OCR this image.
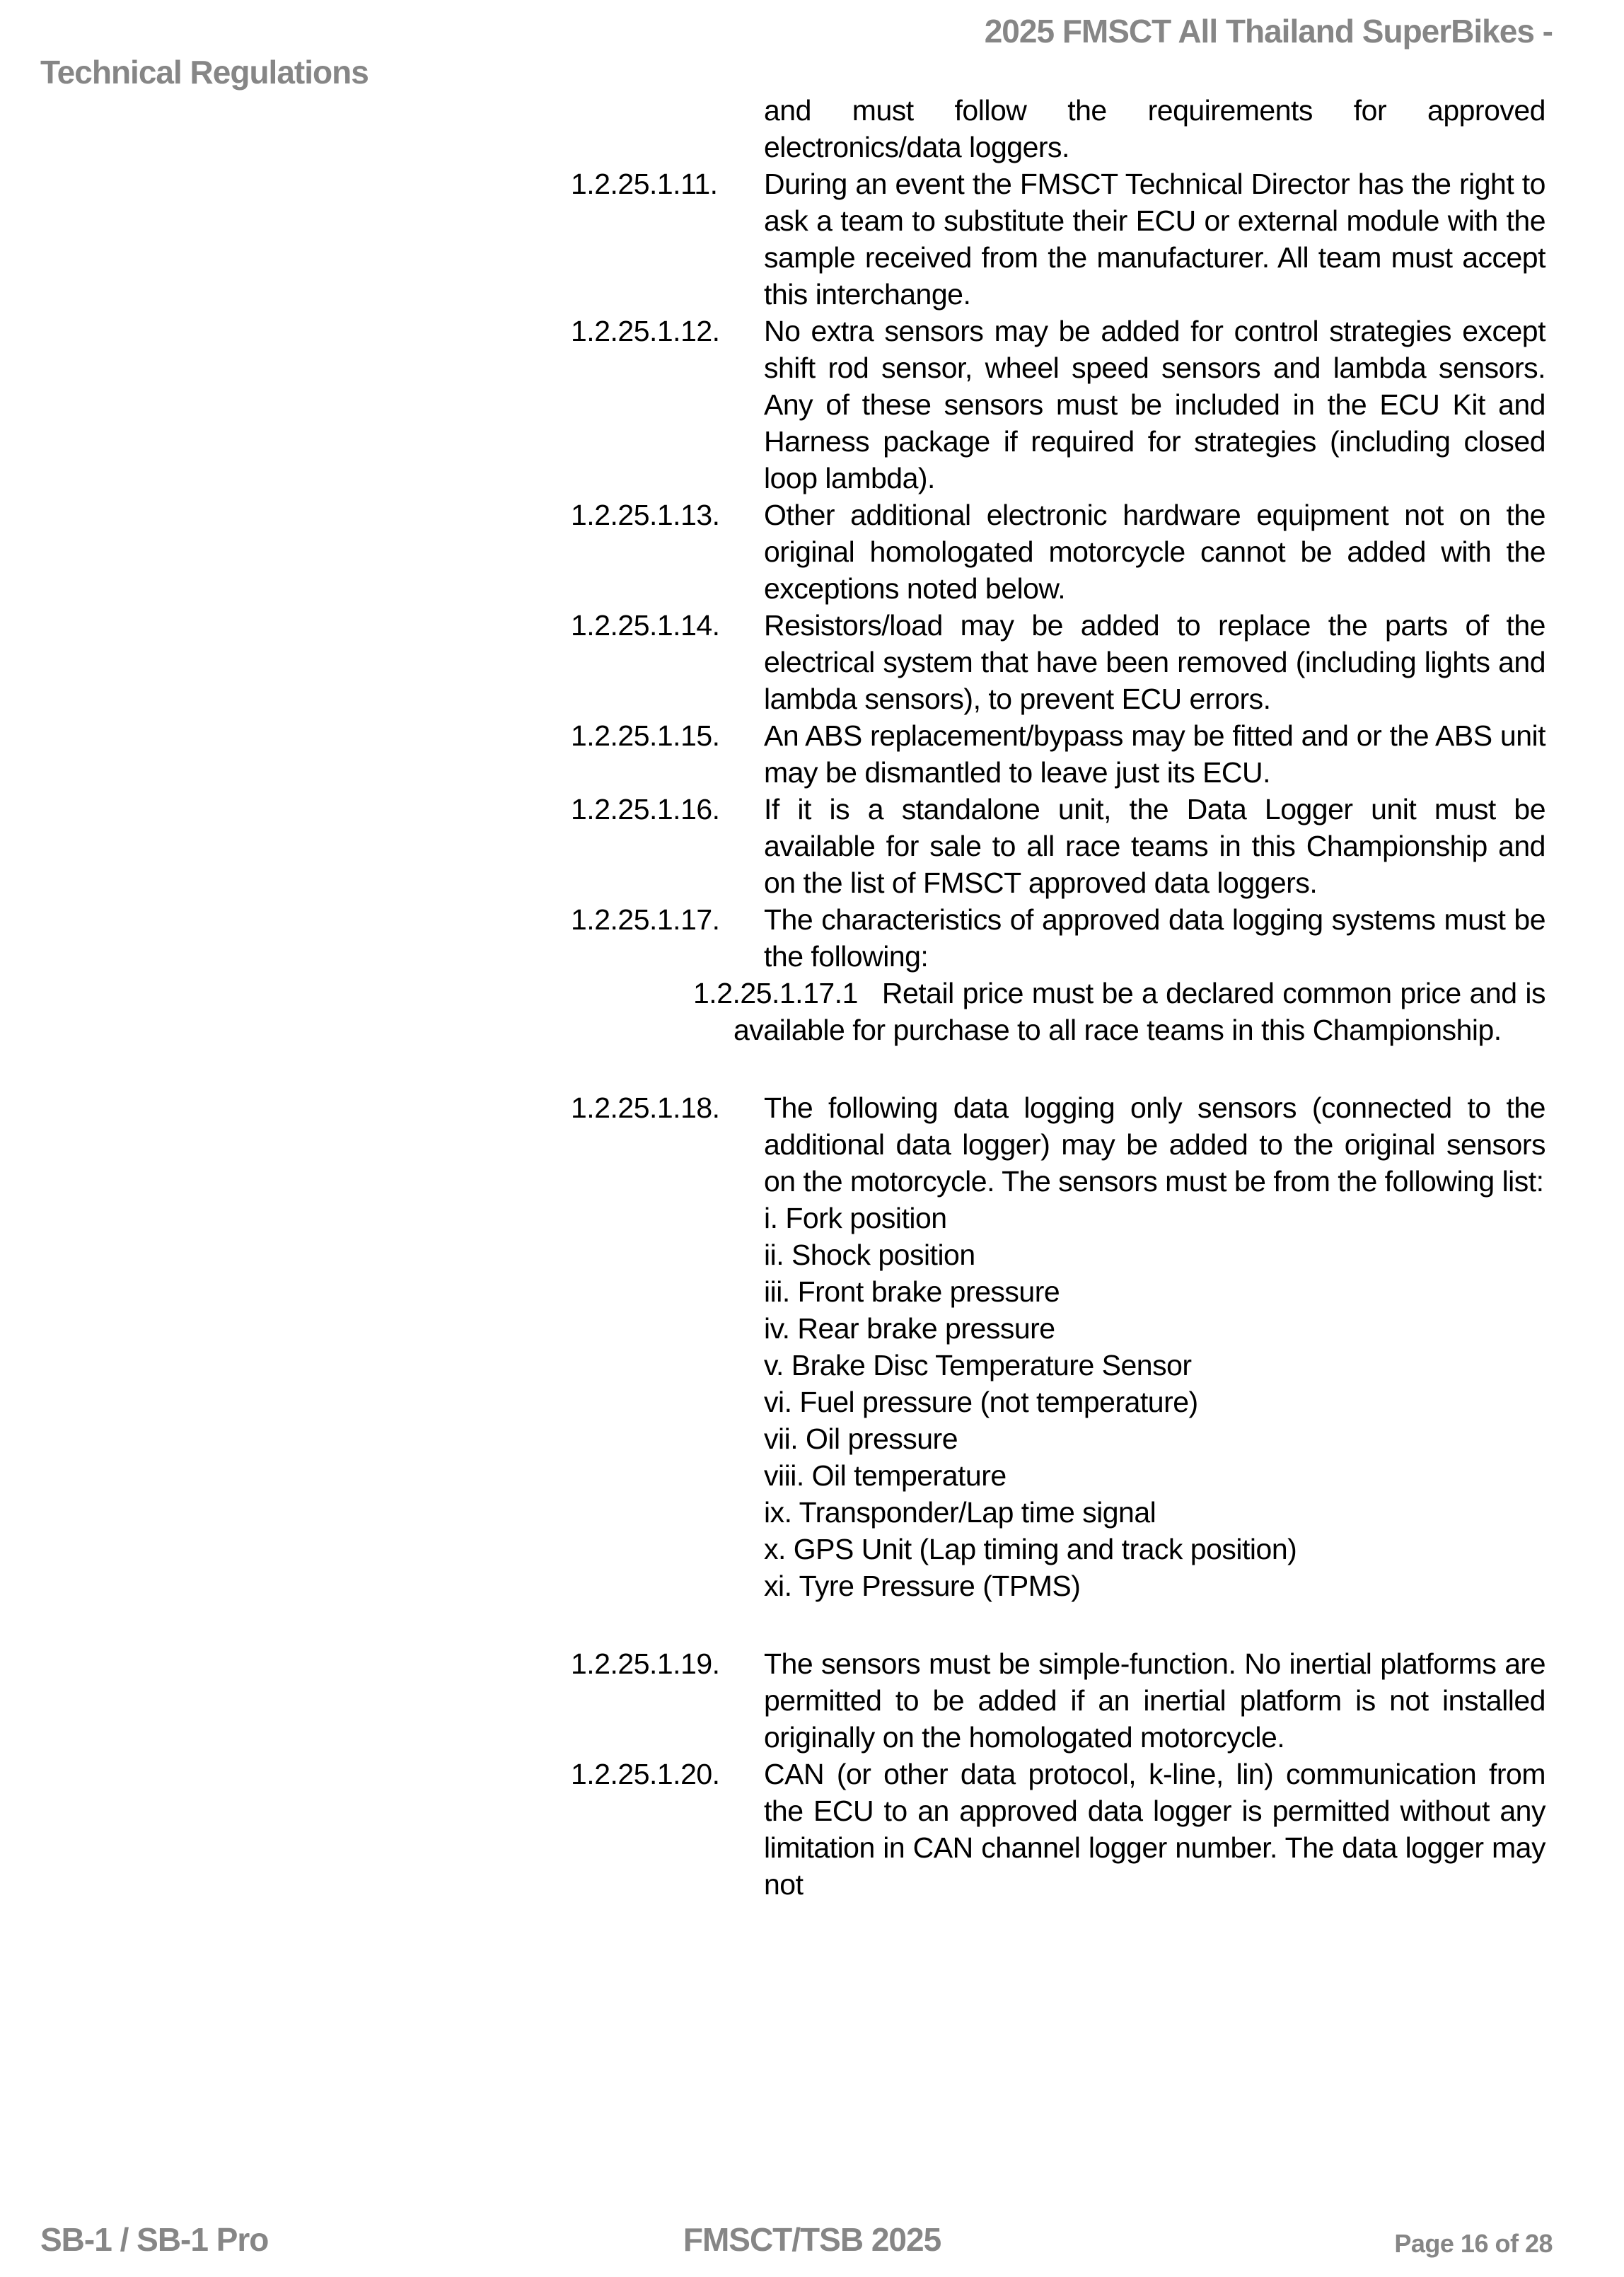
2025 FMSCT All Thailand SuperBikes -
Technical Regulations
and must follow the requirements for approved electronics/data loggers.
1.2.25.1.11. During an event the FMSCT Technical Director has the right to ask a team to substitute their ECU or external module with the sample received from the manufacturer. All team must accept this interchange.
1.2.25.1.12. No extra sensors may be added for control strategies except shift rod sensor, wheel speed sensors and lambda sensors. Any of these sensors must be included in the ECU Kit and Harness package if required for strategies (including closed loop lambda).
1.2.25.1.13. Other additional electronic hardware equipment not on the original homologated motorcycle cannot be added with the exceptions noted below.
1.2.25.1.14. Resistors/load may be added to replace the parts of the electrical system that have been removed (including lights and lambda sensors), to prevent ECU errors.
1.2.25.1.15. An ABS replacement/bypass may be fitted and or the ABS unit may be dismantled to leave just its ECU.
1.2.25.1.16. If it is a standalone unit, the Data Logger unit must be available for sale to all race teams in this Championship and on the list of FMSCT approved data loggers.
1.2.25.1.17. The characteristics of approved data logging systems must be the following:
1.2.25.1.17.1 Retail price must be a declared common price and is available for purchase to all race teams in this Championship.
1.2.25.1.18. The following data logging only sensors (connected to the additional data logger) may be added to the original sensors on the motorcycle. The sensors must be from the following list:
i. Fork position
ii. Shock position
iii. Front brake pressure
iv. Rear brake pressure
v. Brake Disc Temperature Sensor
vi. Fuel pressure (not temperature)
vii. Oil pressure
viii. Oil temperature
ix. Transponder/Lap time signal
x. GPS Unit (Lap timing and track position)
xi. Tyre Pressure (TPMS)
1.2.25.1.19. The sensors must be simple-function. No inertial platforms are permitted to be added if an inertial platform is not installed originally on the homologated motorcycle.
1.2.25.1.20. CAN (or other data protocol, k-line, lin) communication from the ECU to an approved data logger is permitted without any limitation in CAN channel logger number. The data logger may not
SB-1 / SB-1 Pro	FMSCT/TSB 2025	Page 16 of 28
